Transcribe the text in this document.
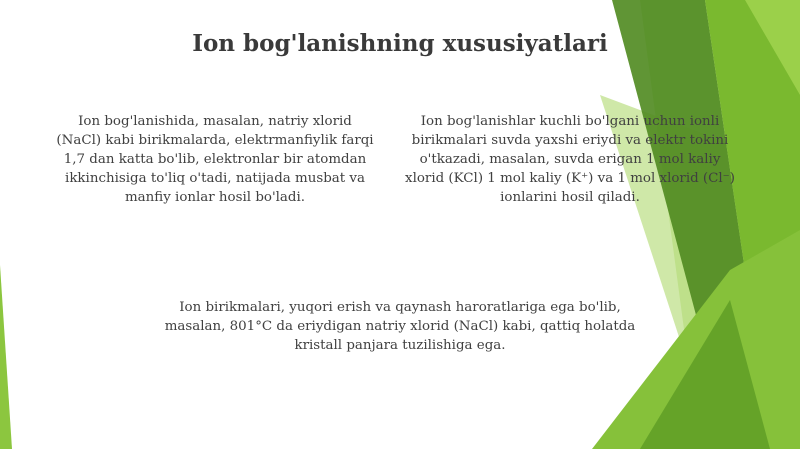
Ion bog'lanishning xususiyatlari

Ion bog'lanishida, masalan, natriy xlorid (NaCl) kabi birikmalarda, elektrmanfiylik farqi 1,7 dan katta bo'lib, elektronlar bir atomdan ikkinchisiga to'liq o'tadi, natijada musbat va manfiy ionlar hosil bo'ladi.

Ion bog'lanishlar kuchli bo'lgani uchun ionli birikmalari suvda yaxshi eriydi va elektr tokini o'tkazadi, masalan, suvda erigan 1 mol kaliy xlorid (KCl) 1 mol kaliy (K⁺) va 1 mol xlorid (Cl⁻) ionlarini hosil qiladi.

Ion birikmalari, yuqori erish va qaynash haroratlariga ega bo'lib, masalan, 801°C da eriydigan natriy xlorid (NaCl) kabi, qattiq holatda kristall panjara tuzilishiga ega.
